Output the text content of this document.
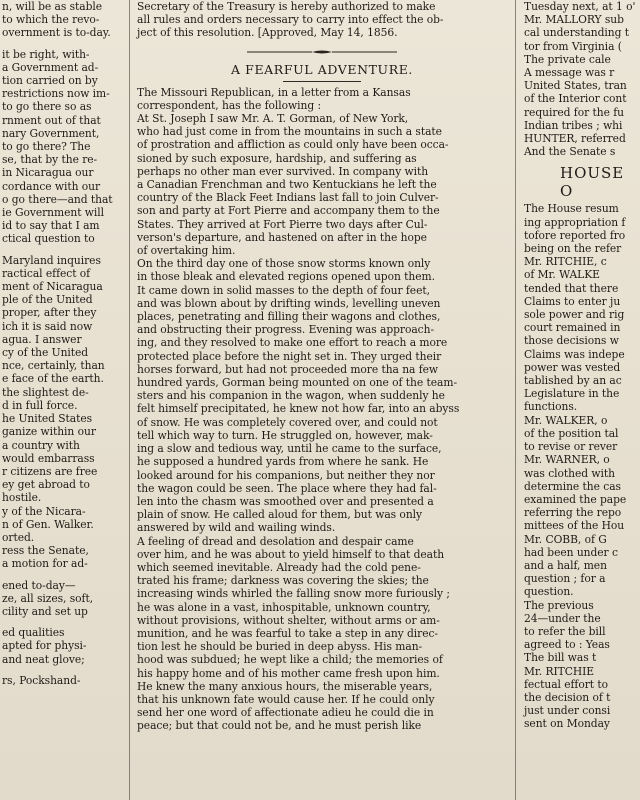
n, will be as stable
to which the revo-
overnment is to-day.
it be right, with-
a Government ad-
tion carried on by
restrictions now im-
to go there so as
rnment out of that
nary Government,
to go there? The
se, that by the re-
in Nicaragua our
cordance with our
o go there—and that
ie Government will
id to say that I am
ctical question to
Maryland inquires
ractical effect of
ment of Nicaragua
ple of the United
proper, after they
ich it is said now
agua. I answer
cy of the United
nce, certainly, than
e face of the earth.
the slightest de-
d in full force.
he United States
ganize within our
a country with
would embarrass
r citizens are free
ey get abroad to
hostile.
y of the Nicara-
n of Gen. Walker.
orted.
ress the Senate,
a motion for ad-
ened to-day—
ze, all sizes, soft,
cility and set up
ed qualities
apted for physi-
and neat glove;
rs, Pockshand-
Secretary of the Treasury is hereby authorized to make
all rules and orders necessary to carry into effect the ob-
ject of this resolution. [Approved, May 14, 1856.
A FEARFUL ADVENTURE.
The Missouri Republican, in a letter from a Kansas
correspondent, has the following :
At St. Joseph I saw Mr. A. T. Gorman, of New York,
who had just come in from the mountains in such a state
of prostration and affliction as could only have been occa-
sioned by such exposure, hardship, and suffering as
perhaps no other man ever survived. In company with
a Canadian Frenchman and two Kentuckians he left the
country of the Black Feet Indians last fall to join Culver-
son and party at Fort Pierre and accompany them to the
States. They arrived at Fort Pierre two days after Cul-
verson's departure, and hastened on after in the hope
of overtaking him.
On the third day one of those snow storms known only
in those bleak and elevated regions opened upon them.
It came down in solid masses to the depth of four feet,
and was blown about by drifting winds, levelling uneven
places, penetrating and filling their wagons and clothes,
and obstructing their progress. Evening was approach-
ing, and they resolved to make one effort to reach a more
protected place before the night set in. They urged their
horses forward, but had not proceeded more tha na few
hundred yards, Gorman being mounted on one of the team-
sters and his companion in the wagon, when suddenly he
felt himself precipitated, he knew not how far, into an abyss
of snow. He was completely covered over, and could not
tell which way to turn. He struggled on, however, mak-
ing a slow and tedious way, until he came to the surface,
he supposed a hundred yards from where he sank. He
looked around for his companions, but neither they nor
the wagon could be seen. The place where they had fal-
len into the chasm was smoothed over and presented a
plain of snow. He called aloud for them, but was only
answered by wild and wailing winds.
A feeling of dread and desolation and despair came
over him, and he was about to yield himself to that death
which seemed inevitable. Already had the cold pene-
trated his frame; darkness was covering the skies; the
increasing winds whirled the falling snow more furiously ;
he was alone in a vast, inhospitable, unknown country,
without provisions, without shelter, without arms or am-
munition, and he was fearful to take a step in any direc-
tion lest he should be buried in deep abyss. His man-
hood was subdued; he wept like a child; the memories of
his happy home and of his mother came fresh upon him.
He knew the many anxious hours, the miserable years,
that his unknown fate would cause her. If he could only
send her one word of affectionate adieu he could die in
peace; but that could not be, and he must perish like
Tuesday next, at 1 o'
Mr. MALLORY sub
cal understanding t
tor from Virginia (
The private cale
A message was r
United States, tran
of the Interior cont
required for the fu
Indian tribes ; whi
HUNTER, referred
And the Senate s
HOUSE O
The House resum
ing appropriation f
tofore reported fro
being on the refer
Mr. RITCHIE, c
of Mr. WALKE
tended that there
Claims to enter ju
sole power and rig
court remained in
those decisions w
Claims was indepe
power was vested
tablished by an ac
Legislature in the
functions.
Mr. WALKER, o
of the position tal
to revise or rever
Mr. WARNER, o
was clothed with
determine the cas
examined the pape
referring the repo
mittees of the Hou
Mr. COBB, of G
had been under c
and a half, men
question ; for a
question.
The previous
24—under the
to refer the bill
agreed to : Yeas
The bill was t
Mr. RITCHIE
fectual effort to
the decision of t
just under consi
sent on Monday
